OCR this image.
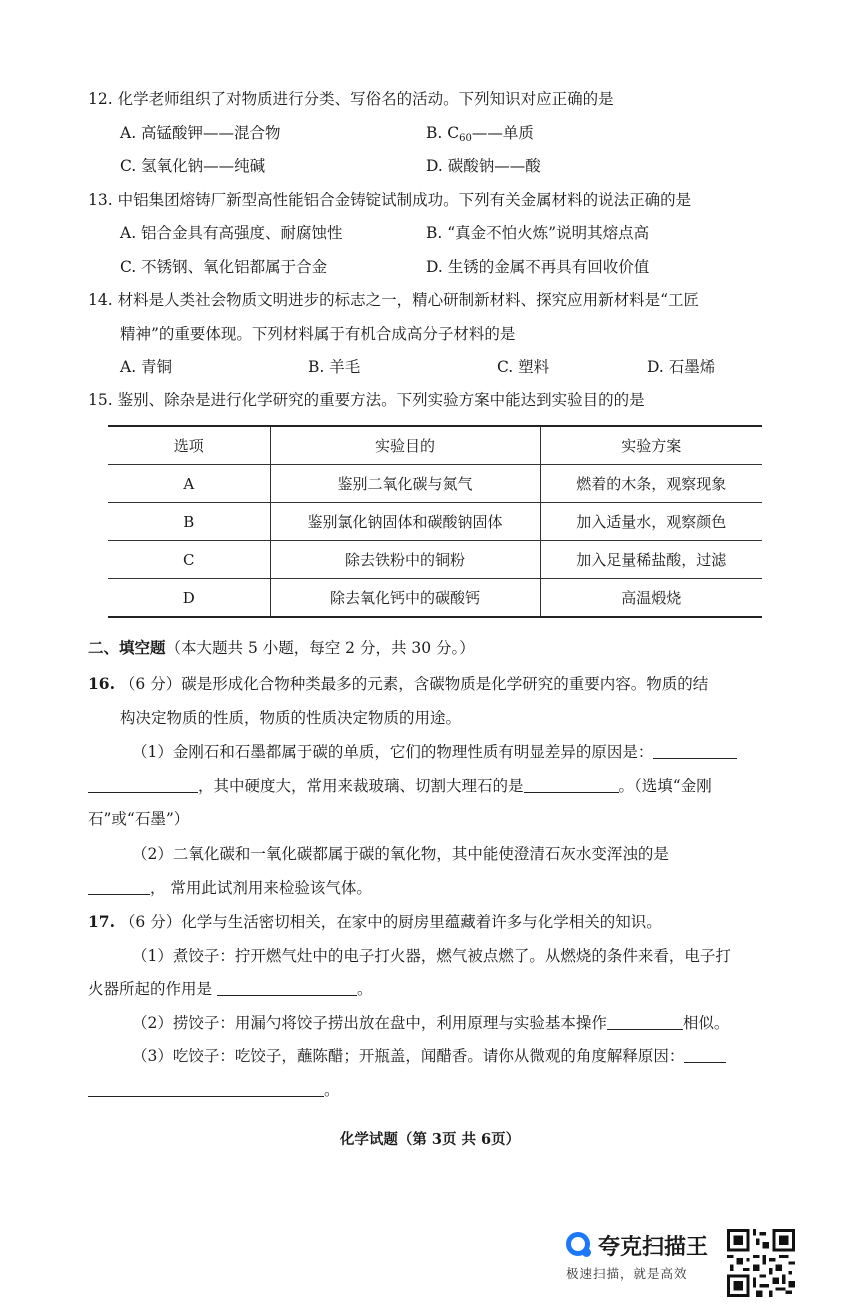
12. 化学老师组织了对物质进行分类、写俗名的活动。下列知识对应正确的是
A. 高锰酸钾——混合物	B. $C_{60}——$单质
C. 氢氧化钠——纯碱	D. 碳酸钠——酸
13. 中铝集团熔铸厂新型高性能铝合金铸锭试制成功。下列有关金属材料的说法正确的是
A. 铝合金具有高强度、耐腐蚀性	B. “真金不怕火炼”说明其熔点高
C. 不锈钢、氧化铝都属于合金	D. 生锈的金属不再具有回收价值
14. 材料是人类社会物质文明进步的标志之一，精心研制新材料、探究应用新材料是“工匠
精神”的重要体现。下列材料属于有机合成高分子材料的是
A. 青铜	B. 羊毛	C. 塑料	D. 石墨烯
15. 鉴别、除杂是进行化学研究的重要方法。下列实验方案中能达到实验目的的是
选项	实验目的	实验方案
A	鉴别二氧化碳与氮气	燃着的木条，观察现象
B	鉴别氯化钠固体和碳酸钠固体	加入适量水，观察颜色
C	除去铁粉中的铜粉	加入足量稀盐酸，过滤
D	除去氧化钙中的碳酸钙	高温煅烧
二、填空题（本大题共 5 小题，每空 2 分，共 30 分。）
16. （6 分）碳是形成化合物种类最多的元素，含碳物质是化学研究的重要内容。物质的结
构决定物质的性质，物质的性质决定物质的用途。
（1）金刚石和石墨都属于碳的单质，它们的物理性质有明显差异的原因是：
，其中硬度大，常用来裁玻璃、切割大理石的是	。（选填“金刚
石”或“石墨”）
（2）二氧化碳和一氧化碳都属于碳的氧化物，其中能使澄清石灰水变浑浊的是
， 常用此试剂用来检验该气体。
17. （6 分）化学与生活密切相关，在家中的厨房里蕴藏着许多与化学相关的知识。
（1）煮饺子：拧开燃气灶中的电子打火器，燃气被点燃了。从燃烧的条件来看，电子打
火器所起的作用是	。
（2）捞饺子：用漏勺将饺子捞出放在盘中，利用原理与实验基本操作	相似。
（3）吃饺子：吃饺子，蘸陈醋；开瓶盖，闻醋香。请你从微观的角度解释原因：
。
化学试题（第 3页 共 6页）
夸克扫描王
极速扫描，就是高效
